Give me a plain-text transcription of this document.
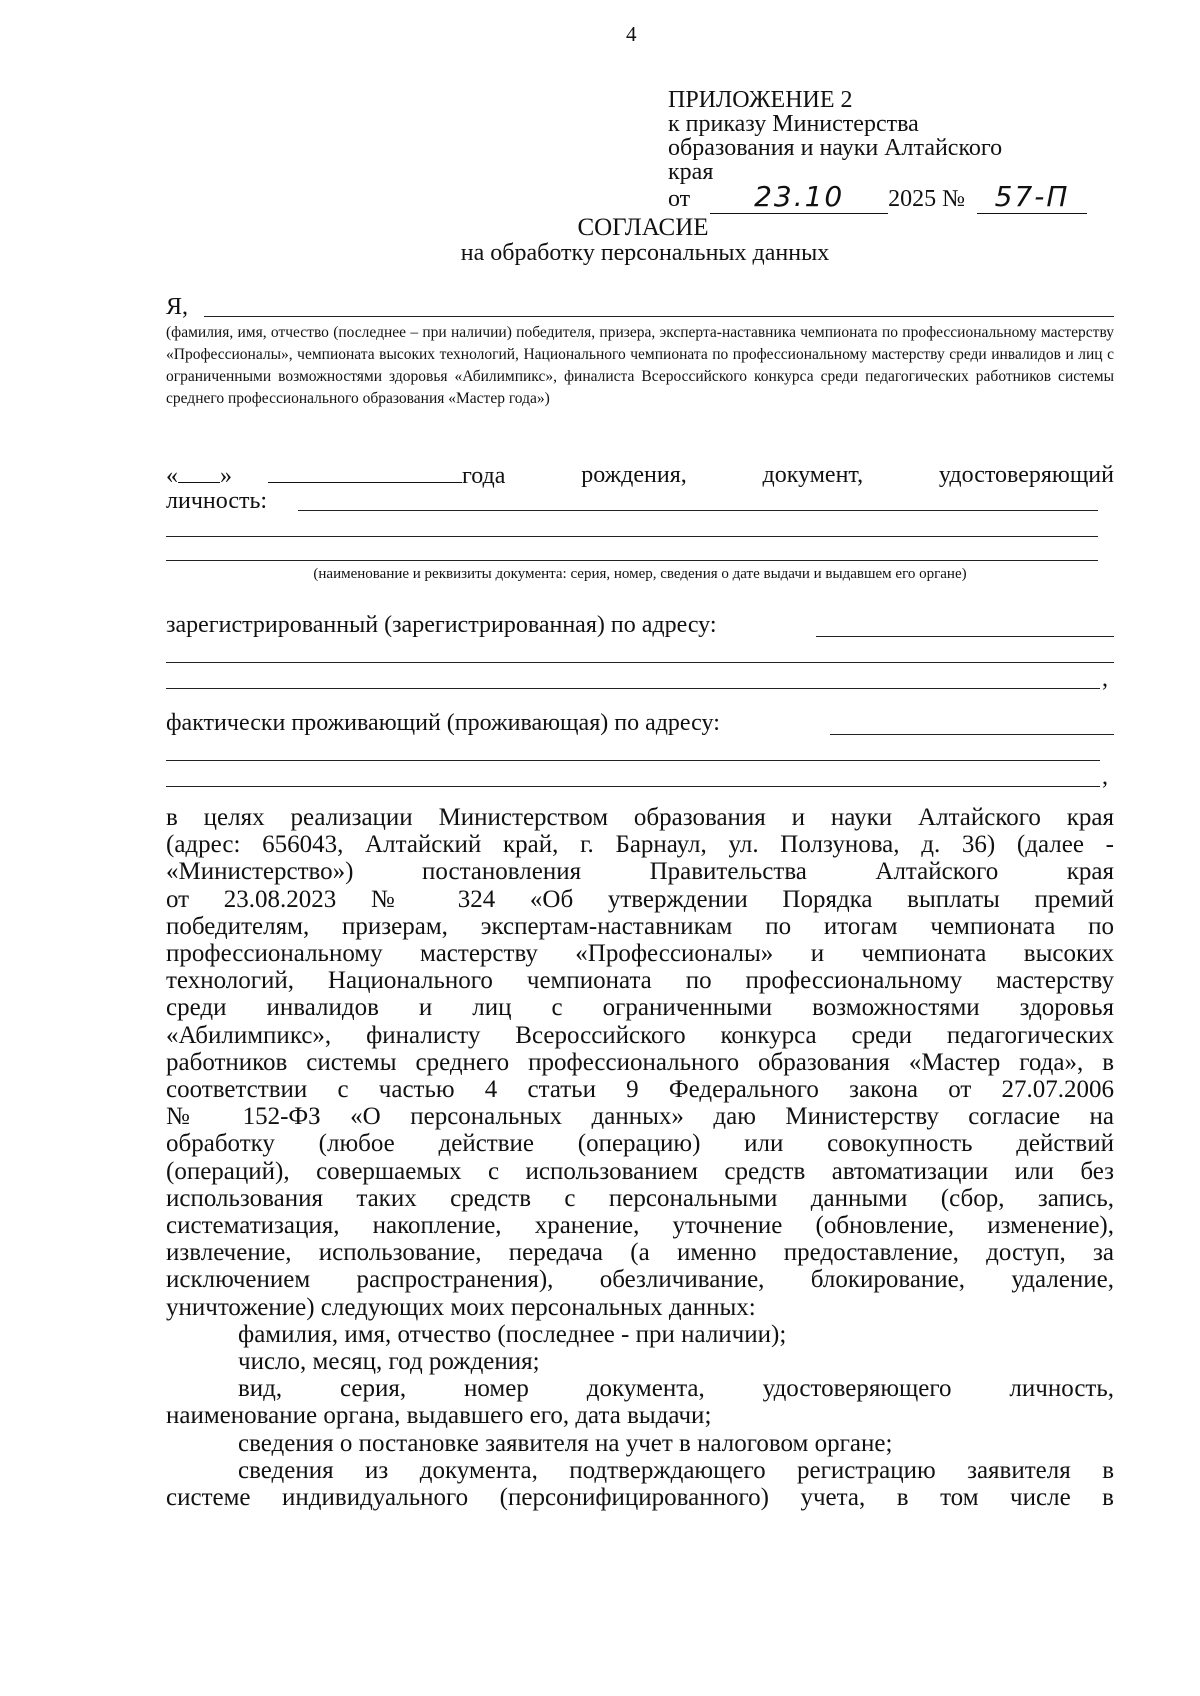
4
ПРИЛОЖЕНИЕ 2
к приказу Министерства
образования и науки Алтайского
края
от 23.10 2025 № 57-П
СОГЛАСИЕ
на обработку персональных данных
Я,
(фамилия, имя, отчество (последнее – при наличии) победителя, призера, эксперта-наставника чемпионата по профессиональному мастерству «Профессионалы», чемпионата высоких технологий, Национального чемпионата по профессиональному мастерству среди инвалидов и лиц с ограниченными возможностями здоровья «Абилимпикс», финалиста Всероссийского конкурса среди педагогических работников системы среднего профессионального образования «Мастер года»)
« »	года	рождения,	документ,	удостоверяющий
личность:
(наименование и реквизиты документа: серия, номер, сведения о дате выдачи и выдавшем его органе)
зарегистрированный (зарегистрированная) по адресу:
,
фактически проживающий (проживающая) по адресу:
,
в целях реализации Министерством образования и науки Алтайского края
(адрес: 656043, Алтайский край, г. Барнаул, ул. Ползунова, д. 36) (далее -
«Министерство») постановления Правительства Алтайского края
от 23.08.2023 № 324 «Об утверждении Порядка выплаты премий
победителям, призерам, экспертам-наставникам по итогам чемпионата по
профессиональному мастерству «Профессионалы» и чемпионата высоких
технологий, Национального чемпионата по профессиональному мастерству
среди инвалидов и лиц с ограниченными возможностями здоровья
«Абилимпикс», финалисту Всероссийского конкурса среди педагогических
работников системы среднего профессионального образования «Мастер года», в
соответствии с частью 4 статьи 9 Федерального закона от 27.07.2006
№ 152-ФЗ «О персональных данных» даю Министерству согласие на
обработку (любое действие (операцию) или совокупность действий
(операций), совершаемых с использованием средств автоматизации или без
использования таких средств с персональными данными (сбор, запись,
систематизация, накопление, хранение, уточнение (обновление, изменение),
извлечение, использование, передача (а именно предоставление, доступ, за
исключением распространения), обезличивание, блокирование, удаление,
уничтожение) следующих моих персональных данных:
фамилия, имя, отчество (последнее - при наличии);
число, месяц, год рождения;
вид, серия, номер документа, удостоверяющего личность,
наименование органа, выдавшего его, дата выдачи;
сведения о постановке заявителя на учет в налоговом органе;
сведения из документа, подтверждающего регистрацию заявителя в
системе индивидуального (персонифицированного) учета, в том числе в
